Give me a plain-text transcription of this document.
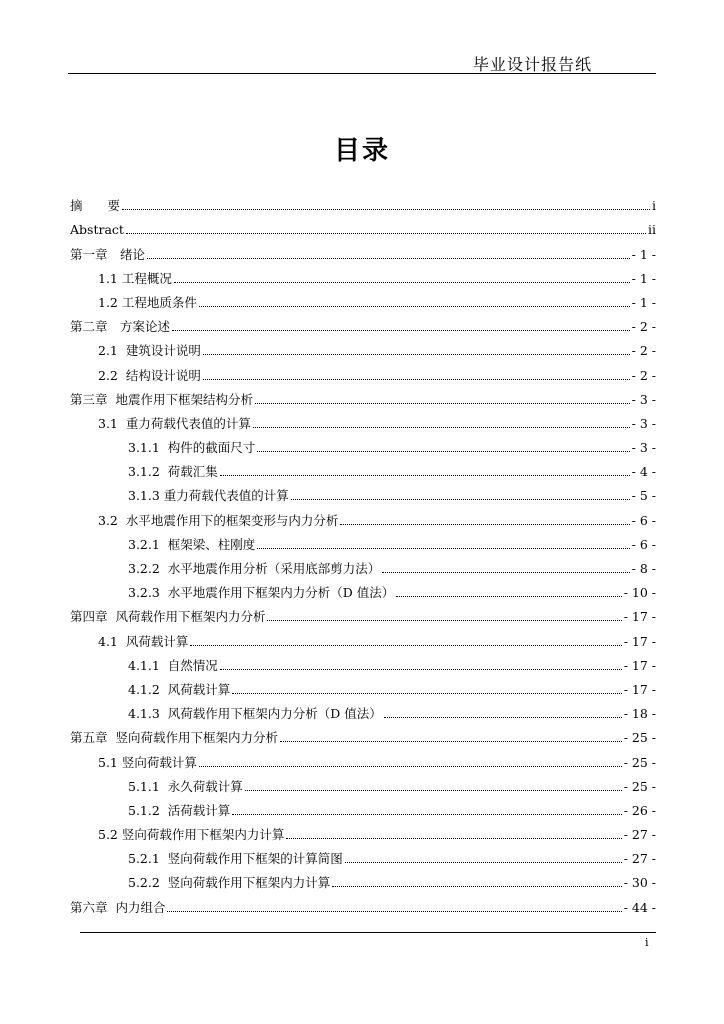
毕业设计报告纸
目录
摘　　要	i
Abstract	ii
第一章　绪论	- 1 -
1.1 工程概况	- 1 -
1.2 工程地质条件	- 1 -
第二章　方案论述	- 2 -
2.1  建筑设计说明	- 2 -
2.2  结构设计说明	- 2 -
第三章  地震作用下框架结构分析	- 3 -
3.1  重力荷载代表值的计算	- 3 -
3.1.1  构件的截面尺寸	- 3 -
3.1.2  荷载汇集	- 4 -
3.1.3 重力荷载代表值的计算	- 5 -
3.2  水平地震作用下的框架变形与内力分析	- 6 -
3.2.1  框架梁、柱刚度	- 6 -
3.2.2  水平地震作用分析（采用底部剪力法）	- 8 -
3.2.3  水平地震作用下框架内力分析（D 值法）	- 10 -
第四章  风荷载作用下框架内力分析	- 17 -
4.1  风荷载计算	- 17 -
4.1.1  自然情况	- 17 -
4.1.2  风荷载计算	- 17 -
4.1.3  风荷载作用下框架内力分析（D 值法）	- 18 -
第五章  竖向荷载作用下框架内力分析	- 25 -
5.1 竖向荷载计算	- 25 -
5.1.1  永久荷载计算	- 25 -
5.1.2  活荷载计算	- 26 -
5.2 竖向荷载作用下框架内力计算	- 27 -
5.2.1  竖向荷载作用下框架的计算简图	- 27 -
5.2.2  竖向荷载作用下框架内力计算	- 30 -
第六章  内力组合	- 44 -
i
